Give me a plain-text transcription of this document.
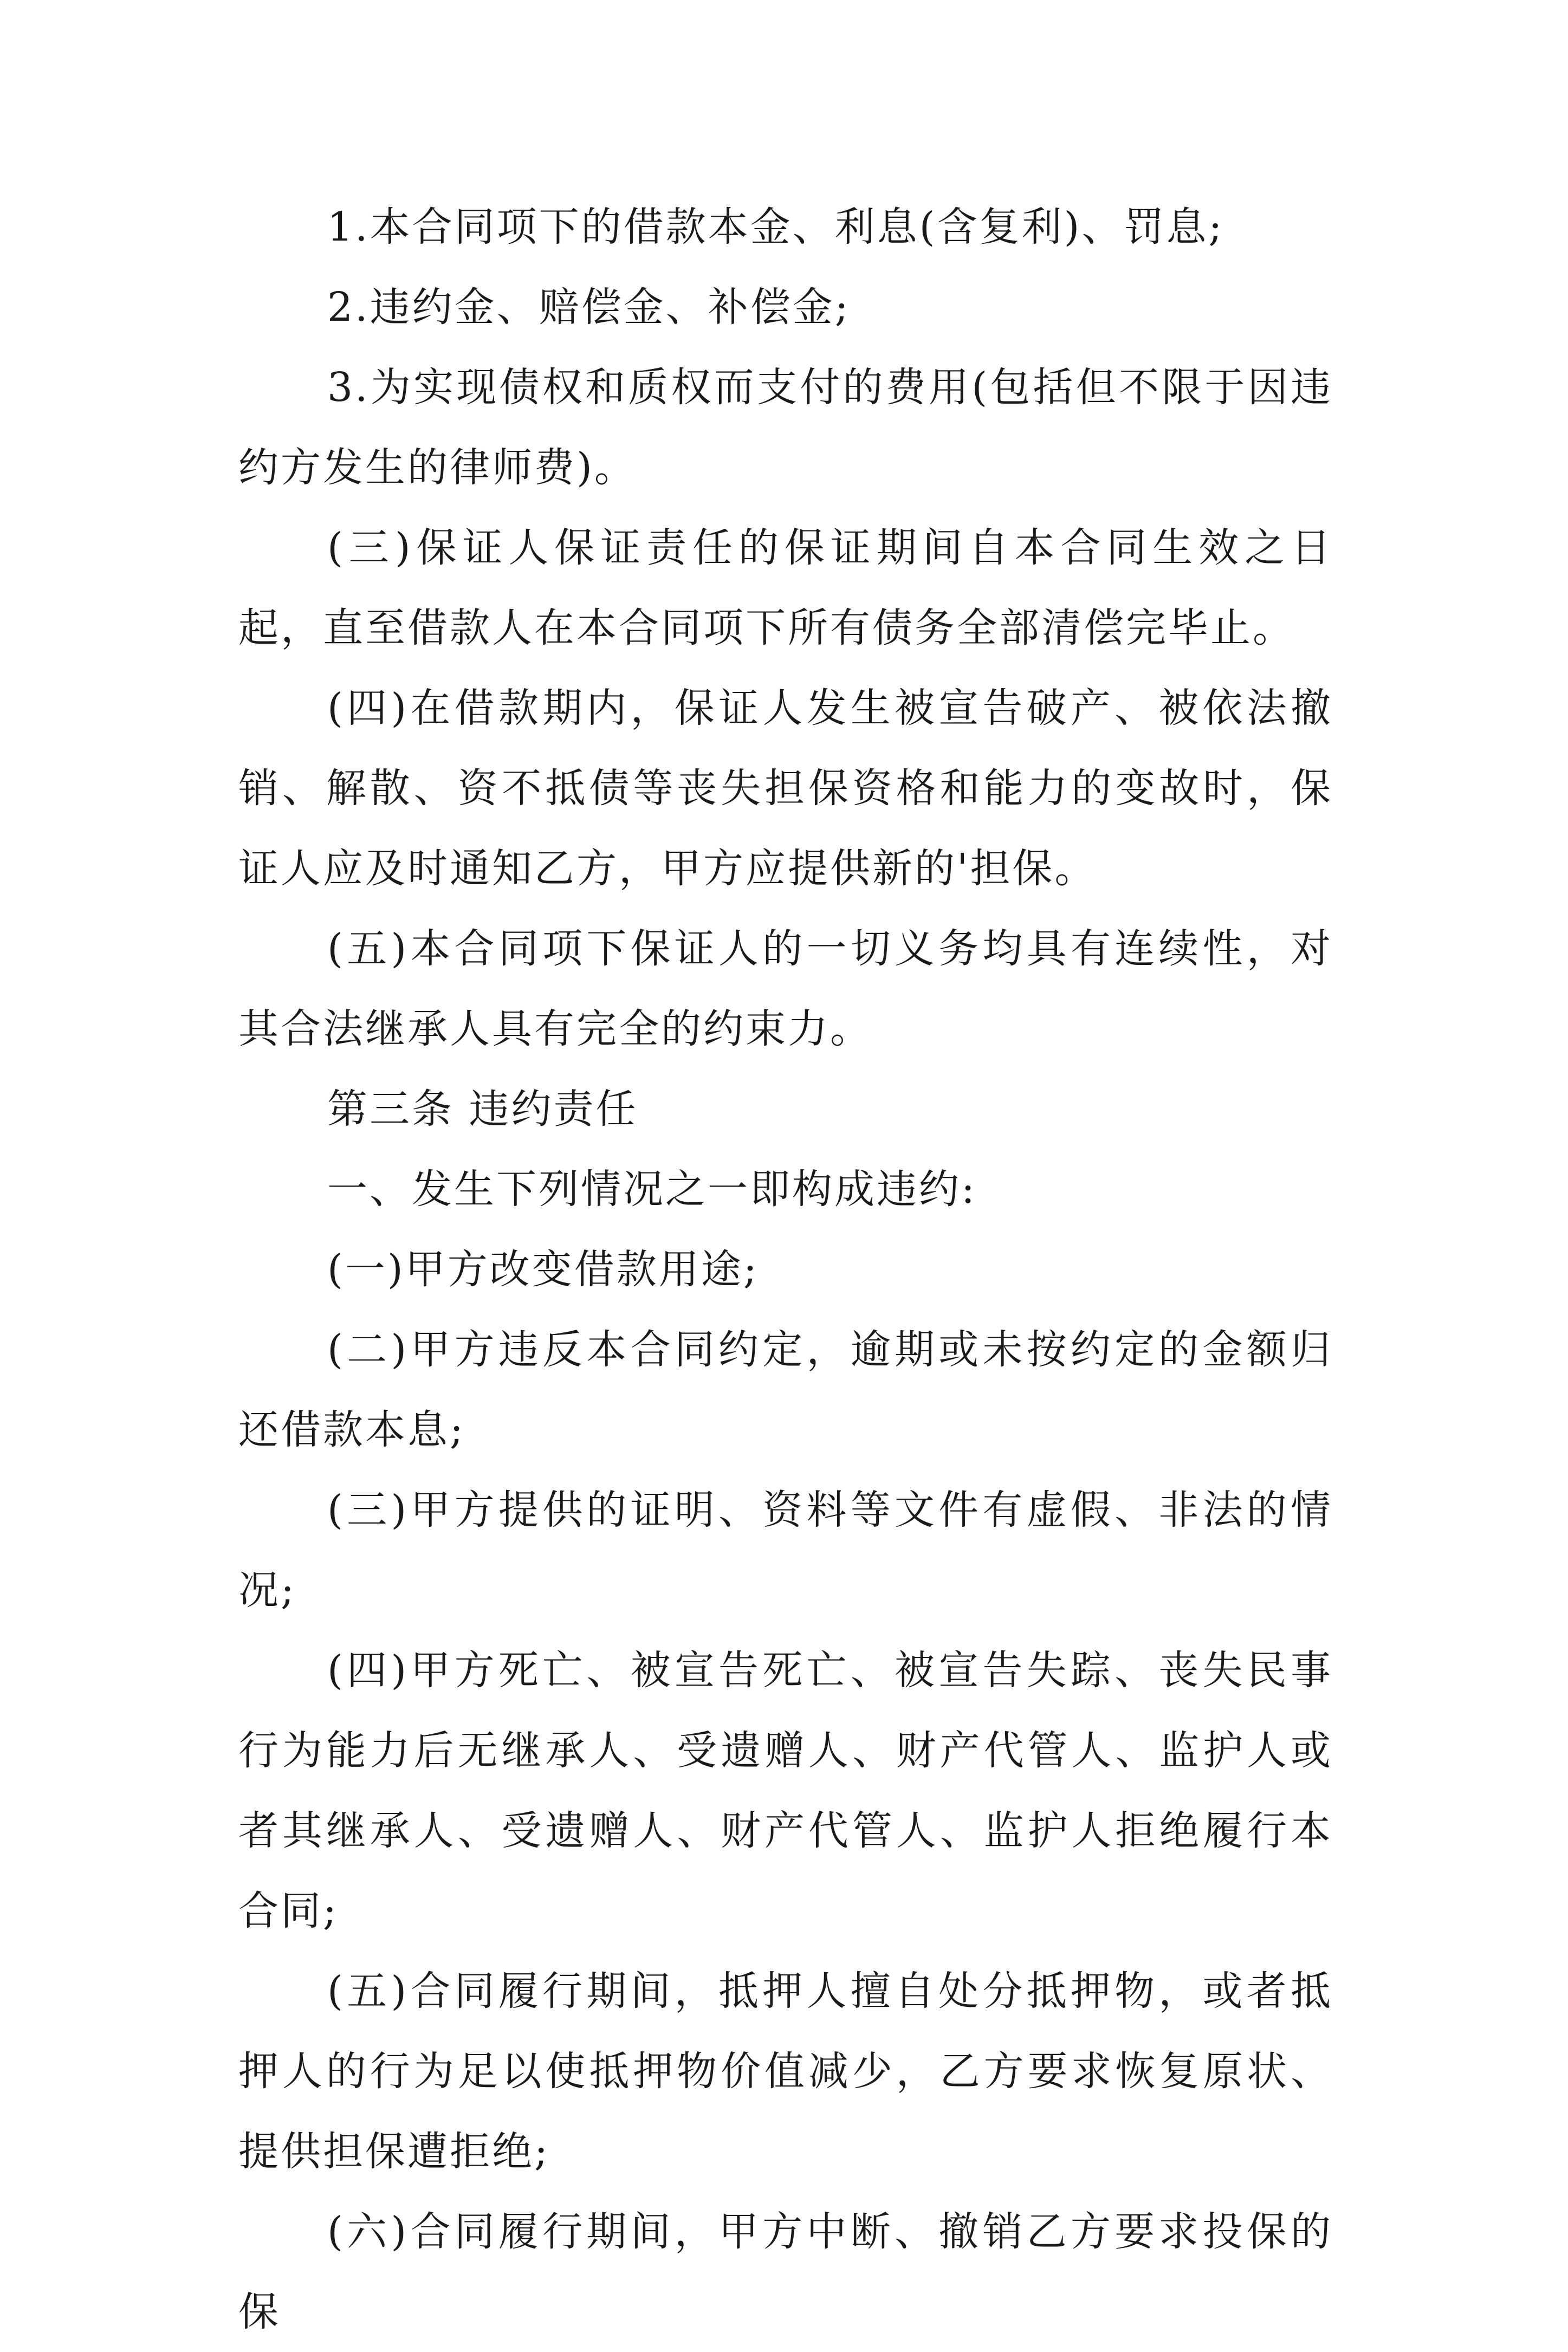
1.本合同项下的借款本金、利息(含复利)、罚息;

2.违约金、赔偿金、补偿金;

3.为实现债权和质权而支付的费用(包括但不限于因违约方发生的律师费)。

(三)保证人保证责任的保证期间自本合同生效之日起，直至借款人在本合同项下所有债务全部清偿完毕止。

(四)在借款期内，保证人发生被宣告破产、被依法撤销、解散、资不抵债等丧失担保资格和能力的变故时，保证人应及时通知乙方，甲方应提供新的'担保。

(五)本合同项下保证人的一切义务均具有连续性，对其合法继承人具有完全的约束力。

第三条 违约责任

一、发生下列情况之一即构成违约:

(一)甲方改变借款用途;

(二)甲方违反本合同约定，逾期或未按约定的金额归还借款本息;

(三)甲方提供的证明、资料等文件有虚假、非法的情况;

(四)甲方死亡、被宣告死亡、被宣告失踪、丧失民事行为能力后无继承人、受遗赠人、财产代管人、监护人或者其继承人、受遗赠人、财产代管人、监护人拒绝履行本合同;

(五)合同履行期间，抵押人擅自处分抵押物，或者抵押人的行为足以使抵押物价值减少，乙方要求恢复原状、提供担保遭拒绝;

(六)合同履行期间，甲方中断、撤销乙方要求投保的保
